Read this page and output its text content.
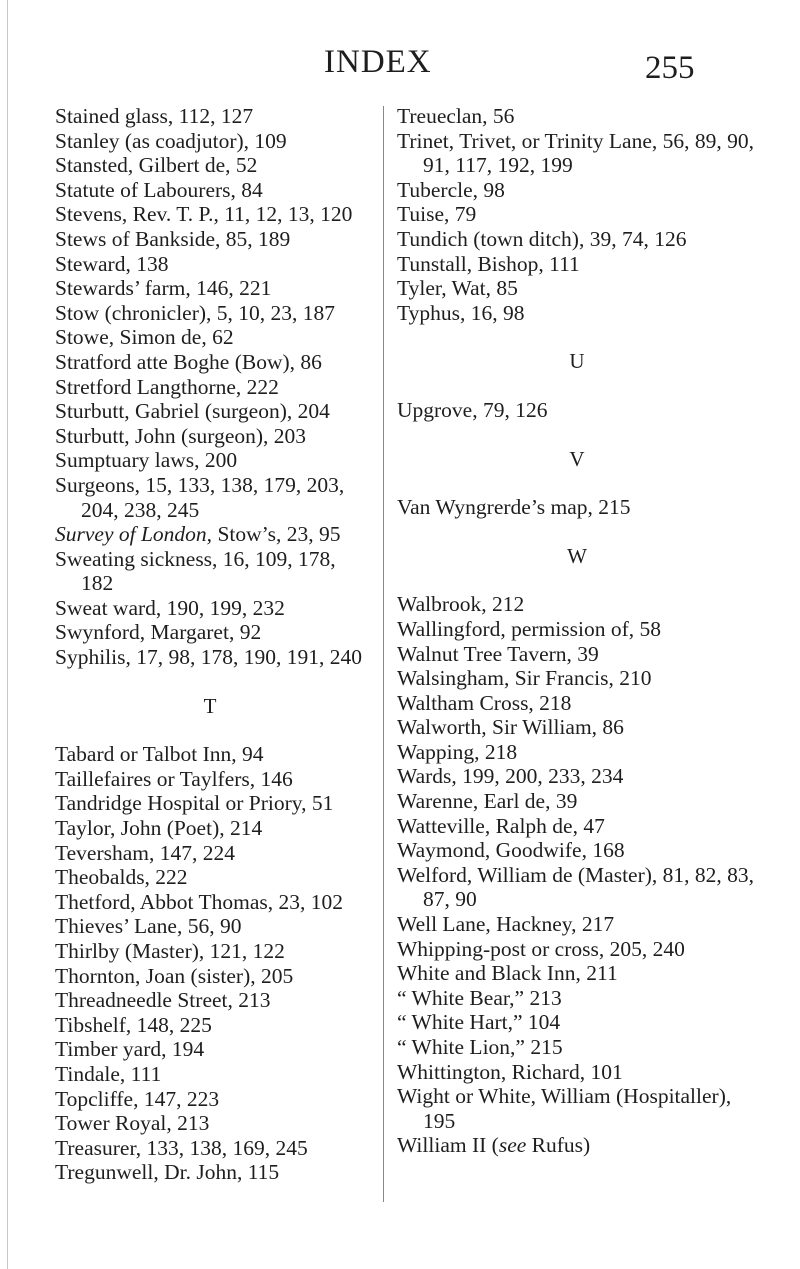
INDEX	255
Stained glass, 112, 127
Stanley (as coadjutor), 109
Stansted, Gilbert de, 52
Statute of Labourers, 84
Stevens, Rev. T. P., 11, 12, 13, 120
Stews of Bankside, 85, 189
Steward, 138
Stewards’ farm, 146, 221
Stow (chronicler), 5, 10, 23, 187
Stowe, Simon de, 62
Stratford atte Boghe (Bow), 86
Stretford Langthorne, 222
Sturbutt, Gabriel (surgeon), 204
Sturbutt, John (surgeon), 203
Sumptuary laws, 200
Surgeons, 15, 133, 138, 179, 203, 204, 238, 245
Survey of London, Stow’s, 23, 95
Sweating sickness, 16, 109, 178, 182
Sweat ward, 190, 199, 232
Swynford, Margaret, 92
Syphilis, 17, 98, 178, 190, 191, 240
T
Tabard or Talbot Inn, 94
Taillefaires or Taylfers, 146
Tandridge Hospital or Priory, 51
Taylor, John (Poet), 214
Teversham, 147, 224
Theobalds, 222
Thetford, Abbot Thomas, 23, 102
Thieves’ Lane, 56, 90
Thirlby (Master), 121, 122
Thornton, Joan (sister), 205
Threadneedle Street, 213
Tibshelf, 148, 225
Timber yard, 194
Tindale, 111
Topcliffe, 147, 223
Tower Royal, 213
Treasurer, 133, 138, 169, 245
Tregunwell, Dr. John, 115
Treueclan, 56
Trinet, Trivet, or Trinity Lane, 56, 89, 90, 91, 117, 192, 199
Tubercle, 98
Tuise, 79
Tundich (town ditch), 39, 74, 126
Tunstall, Bishop, 111
Tyler, Wat, 85
Typhus, 16, 98
U
Upgrove, 79, 126
V
Van Wyngrerde’s map, 215
W
Walbrook, 212
Wallingford, permission of, 58
Walnut Tree Tavern, 39
Walsingham, Sir Francis, 210
Waltham Cross, 218
Walworth, Sir William, 86
Wapping, 218
Wards, 199, 200, 233, 234
Warenne, Earl de, 39
Watteville, Ralph de, 47
Waymond, Goodwife, 168
Welford, William de (Master), 81, 82, 83, 87, 90
Well Lane, Hackney, 217
Whipping-post or cross, 205, 240
White and Black Inn, 211
“ White Bear,” 213
“ White Hart,” 104
“ White Lion,” 215
Whittington, Richard, 101
Wight or White, William (Hospitaller), 195
William II (see Rufus)
